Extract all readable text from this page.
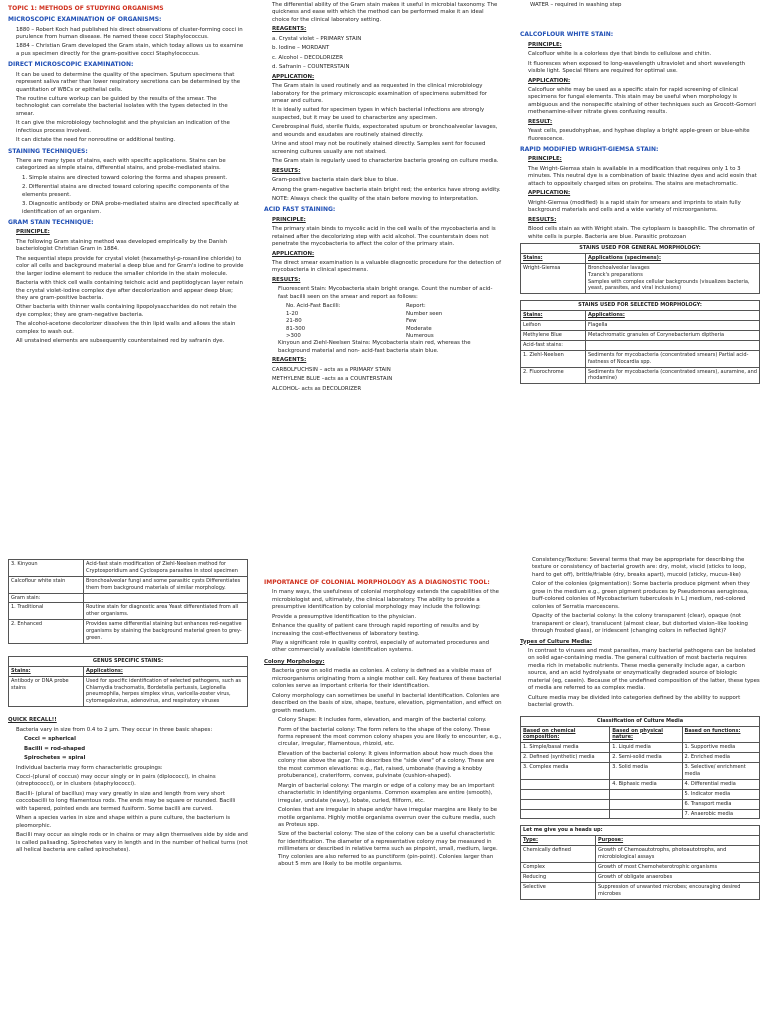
TOPIC 1: METHODS OF STUDYING ORGANISMS
MICROSCOPIC EXAMINATION OF ORGANISMS:
1880 – Robert Koch had published his direct observations of cluster-forming cocci in purulence from human disease. He named these cocci Staphylococcus.
1884 – Christian Gram developed the Gram stain, which today allows us to examine a pus specimen directly for the gram-positive cocci Staphylococcus.
DIRECT MICROSCOPIC EXAMINATION:
It can be used to determine the quality of the specimen. Sputum specimens that represent saliva rather than lower respiratory secretions can be determined by the quantitation of WBCs or epithelial cells.
The routine culture workup can be guided by the results of the smear. The technologist can correlate the bacterial isolates with the types detected in the smear.
It can give the microbiology technologist and the physician an indication of the infectious process involved.
It can dictate the need for nonroutine or additional testing.
STAINING TECHNIQUES:
There are many types of stains, each with specific applications. Stains can be categorized as simple stains, differential stains, and probe-mediated stains.
1. Simple stains are directed toward coloring the forms and shapes present.
2. Differential stains are directed toward coloring specific components of the elements present.
3. Diagnostic antibody or DNA probe-mediated stains are directed specifically at identification of an organism.
GRAM STAIN TECHNIQUE:
PRINCIPLE:
The following Gram staining method was developed empirically by the Danish bacteriologist Christian Gram in 1884.
The sequential steps provide for crystal violet (hexamethyl-p-rosaniline chloride) to color all cells and background material a deep blue and for Gram's iodine to provide the larger iodine element to reduce the smaller chloride in the stain molecule.
Bacteria with thick cell walls containing teichoic acid and peptidoglycan layer retain the crystal violet-iodine complex dye after decolorization and appear deep blue; they are gram-positive bacteria.
Other bacteria with thinner walls containing lipopolysaccharides do not retain the dye complex; they are gram-negative bacteria.
The alcohol-acetone decolorizer dissolves the thin lipid walls and allows the stain complex to wash out.
All unstained elements are subsequently counterstained red by safranin dye.
The differential ability of the Gram stain makes it useful in microbial taxonomy. The quickness and ease with which the method can be performed make it an ideal choice for the clinical laboratory setting.
REAGENTS:
a. Crystal violet – PRIMARY STAIN
b. Iodine – MORDANT
c. Alcohol – DECOLORIZER
d. Safranin – COUNTERSTAIN
APPLICATION:
The Gram stain is used routinely and as requested in the clinical microbiology laboratory for the primary microscopic examination of specimens submitted for smear and culture.
It is ideally suited for specimen types in which bacterial infections are strongly suspected, but it may be used to characterize any specimen.
Cerebrospinal fluid, sterile fluids, expectorated sputum or bronchoalveolar lavages, and wounds and exudates are routinely stained directly.
Urine and stool may not be routinely stained directly. Samples sent for focused screening cultures usually are not stained.
The Gram stain is regularly used to characterize bacteria growing on culture media.
RESULTS:
Gram-positive bacteria stain dark blue to blue.
Among the gram-negative bacteria stain bright red; the enterics have strong avidity.
NOTE: Always check the quality of the stain before moving to interpretation.
ACID FAST STAINING:
PRINCIPLE:
The primary stain binds to mycolic acid in the cell walls of the mycobacteria and is retained after the decolorizing step with acid alcohol. The counterstain does not penetrate the mycobacteria to affect the color of the primary stain.
APPLICATION:
The direct smear examination is a valuable diagnostic procedure for the detection of mycobacteria in clinical specimens.
RESULTS:
Fluorescent Stain: Mycobacteria stain bright orange. Count the number of acid-fast bacilli seen on the smear and report as follows:
No. Acid-Fast Bacilli:	Report:
1-20	Number seen
21-80	Few
81-300	Moderate
>300	Numerous
Kinyoun and Ziehl-Neelsen Stains: Mycobacteria stain red, whereas the background material and non- acid-fast bacteria stain blue.
REAGENTS:
CARBOLFUCHSIN – acts as a PRIMARY STAIN
METHYLENE BLUE –acts as a COUNTERSTAIN
ALCOHOL- acts as DECOLORIZER
WATER – required in washing step
CALCOFLOUR WHITE STAIN:
PRINCIPLE:
Calcofluor white is a colorless dye that binds to cellulose and chitin.
It fluoresces when exposed to long-wavelength ultraviolet and short wavelength visible light. Special filters are required for optimal use.
APPLICATION:
Calcofluor white may be used as a specific stain for rapid screening of clinical specimens for fungal elements. This stain may be useful when morphology is ambiguous and the nonspecific staining of other techniques such as Grocott-Gomori methenamine-silver nitrate gives confusing results.
RESULT:
Yeast cells, pseudohyphae, and hyphae display a bright apple-green or blue-white fluorescence.
RAPID MODIFIED WRIGHT-GIEMSA STAIN:
PRINCIPLE:
The Wright-Giemsa stain is available in a modification that requires only 1 to 3 minutes. This neutral dye is a combination of basic thiazine dyes and acid eosin that attach to oppositely charged sites on proteins. The stains are metachromatic.
APPLICATION:
Wright-Giemsa (modified) is a rapid stain for smears and imprints to stain fully background materials and cells and a wide variety of microorganisms.
RESULTS:
Blood cells stain as with Wright stain. The cytoplasm is basophilic. The chromatin of white cells is purple. Bacteria are blue. Parasitic protozoan
STAINS USED FOR GENERAL MORPHOLOGY:	
Stains:	Applications (specimens):
Wright-Giemsa	Bronchoalveolar lavages
Tzanck's preparations
Samples with complex cellular backgrounds (visualizes bacteria, yeast, parasites, and viral inclusions)
STAINS USED FOR SELECTED MORPHOLOGY:	
Stains:	Applications:
Leifson	Flagella
Methylene Blue	Metachromatic granules of Corynebacterium diptheria
Acid-fast stains:	
1. Ziehl-Neelsen	Sediments for mycobacteria (concentrated smears) Partial acid-fastness of Nocardia spp.
2. Fluorochrome	Sediments for mycobacteria (concentrated smears), auramine, and rhodamine)
3. Kinyoun	Acid-fast stain modification of Ziehl-Neelsen method for Cryptosporidium and Cyclospora parasites in stool specimen
Calcoflour white stain	Bronchoalveolar fungi and some parasitic cysts Differentiates them from background materials of similar morphology.
Gram stain:	
1. Traditional	Routine stain for diagnostic area Yeast differentiated from all other organisms.
2. Enhanced	Provides same differential staining but enhances red-negative organisms by staining the background material green to grey-green.
GENUS SPECIFIC STAINS:	
Stains:	Applications:
Antibody or DNA probe stains	Used for specific identification of selected pathogens, such as Chlamydia trachomatis, Bordetella pertussis, Legionella pneumophila, herpes simplex virus, varicella-zoster virus, cytomegalovirus, adenovirus, and respiratory viruses
QUICK RECALL!!
Bacteria vary in size from 0.4 to 2 µm. They occur in three basic shapes:
Cocci = spherical
Bacilli = rod-shaped
Spirochetes = spiral
Individual bacteria may form characteristic groupings:
Cocci-(plural of coccus) may occur singly or in pairs (diplococci), in chains (streptococci), or in clusters (staphylococci).
Bacilli- (plural of bacillus) may vary greatly in size and length from very short coccobacilli to long filamentous rods. The ends may be square or rounded. Bacilli with tapered, pointed ends are termed fusiform. Some bacilli are curved.
When a species varies in size and shape within a pure culture, the bacterium is pleomorphic.
Bacilli may occur as single rods or in chains or may align themselves side by side and is called palisading. Spirochetes vary in length and in the number of helical turns (not all helical bacteria are called spirochetes).
IMPORTANCE OF COLONIAL MORPHOLOGY AS A DIAGNOSTIC TOOL:
In many ways, the usefulness of colonial morphology extends the capabilities of the microbiologist and, ultimately, the clinical laboratory. The ability to provide a presumptive identification by colonial morphology may include the following:
Provide a presumptive identification to the physician.
Enhance the quality of patient care through rapid reporting of results and by increasing the cost-effectiveness of laboratory testing.
Play a significant role in quality control, especially of automated procedures and other commercially available identification systems.
Colony Morphology:
Bacteria grow on solid media as colonies. A colony is defined as a visible mass of microorganisms originating from a single mother cell. Key features of these bacterial colonies serve as important criteria for their identification.
Colony morphology can sometimes be useful in bacterial identification. Colonies are described on the basis of size, shape, texture, elevation, pigmentation, and effect on growth medium.
Colony Shape: It includes form, elevation, and margin of the bacterial colony.
Form of the bacterial colony: The form refers to the shape of the colony. These forms represent the most common colony shapes you are likely to encounter, e.g., circular, irregular, filamentous, rhizoid, etc.
Elevation of the bacterial colony: It gives information about how much does the colony rise above the agar. This describes the "side view" of a colony. These are the most common elevations: e.g., flat, raised, umbonate (having a knobby protuberance), crateriform, convex, pulvinate (cushion-shaped).
Margin of bacterial colony: The margin or edge of a colony may be an important characteristic in identifying organisms. Common examples are entire (smooth), irregular, undulate (wavy), lobate, curled, filiform, etc.
Colonies that are irregular in shape and/or have irregular margins are likely to be motile organisms. Highly motile organisms overrun over the culture media, such as Proteus spp.
Size of the bacterial colony: The size of the colony can be a useful characteristic for identification. The diameter of a representative colony may be measured in millimeters or described in relative terms such as pinpoint, small, medium, large. Tiny colonies are also referred to as punctiform (pin-point). Colonies larger than about 5 mm are likely to be motile organisms.
Consistency/Texture: Several terms that may be appropriate for describing the texture or consistency of bacterial growth are: dry, moist, viscid (sticks to loop, hard to get off), brittle/friable (dry, breaks apart), mucoid (sticky, mucus-like)
Color of the colonies (pigmentation): Some bacteria produce pigment when they grow in the medium e.g., green pigment produces by Pseudomonas aeruginosa, buff-colored colonies of Mycobacterium tuberculosis in L.J medium, red-colored colonies of Serratia marcescens.
Opacity of the bacterial colony: Is the colony transparent (clear), opaque (not transparent or clear), translucent (almost clear, but distorted vision–like looking through frosted glass), or iridescent (changing colors in reflected light)?
Types of Culture Media:
In contrast to viruses and most parasites, many bacterial pathogens can be isolated on solid agar-containing media. The general cultivation of most bacteria requires media rich in metabolic nutrients. These media generally include agar, a carbon source, and an acid hydrolysate or enzymatically degraded source of biologic material (eg, casein). Because of the undefined composition of the latter, these types of media are referred to as complex media.
Culture media may be divided into categories defined by the ability to support bacterial growth.
Classification of Culture Media		
Based on chemical composition:	Based on physical nature:	Based on functions:
1. Simple/basal media	1. Liquid media	1. Supportive media
2. Defined (synthetic) media	2. Semi-solid media	2. Enriched media
3. Complex media	3. Solid media	3. Selective/ enrichment media
	4. Biphasic media	4. Differential media
		5. Indicator media
		6. Transport media
		7. Anaerobic media
Let me give you a heads up:	
Type:	Purpose:
Chemically defined	Growth of Chemoautotrophs, photoautotrophs, and microbiological assays
Complex	Growth of most Chemoheterotrophic organisms
Reducing	Growth of obligate anaerobes
Selective	Suppression of unwanted microbes; encouraging desired microbes
